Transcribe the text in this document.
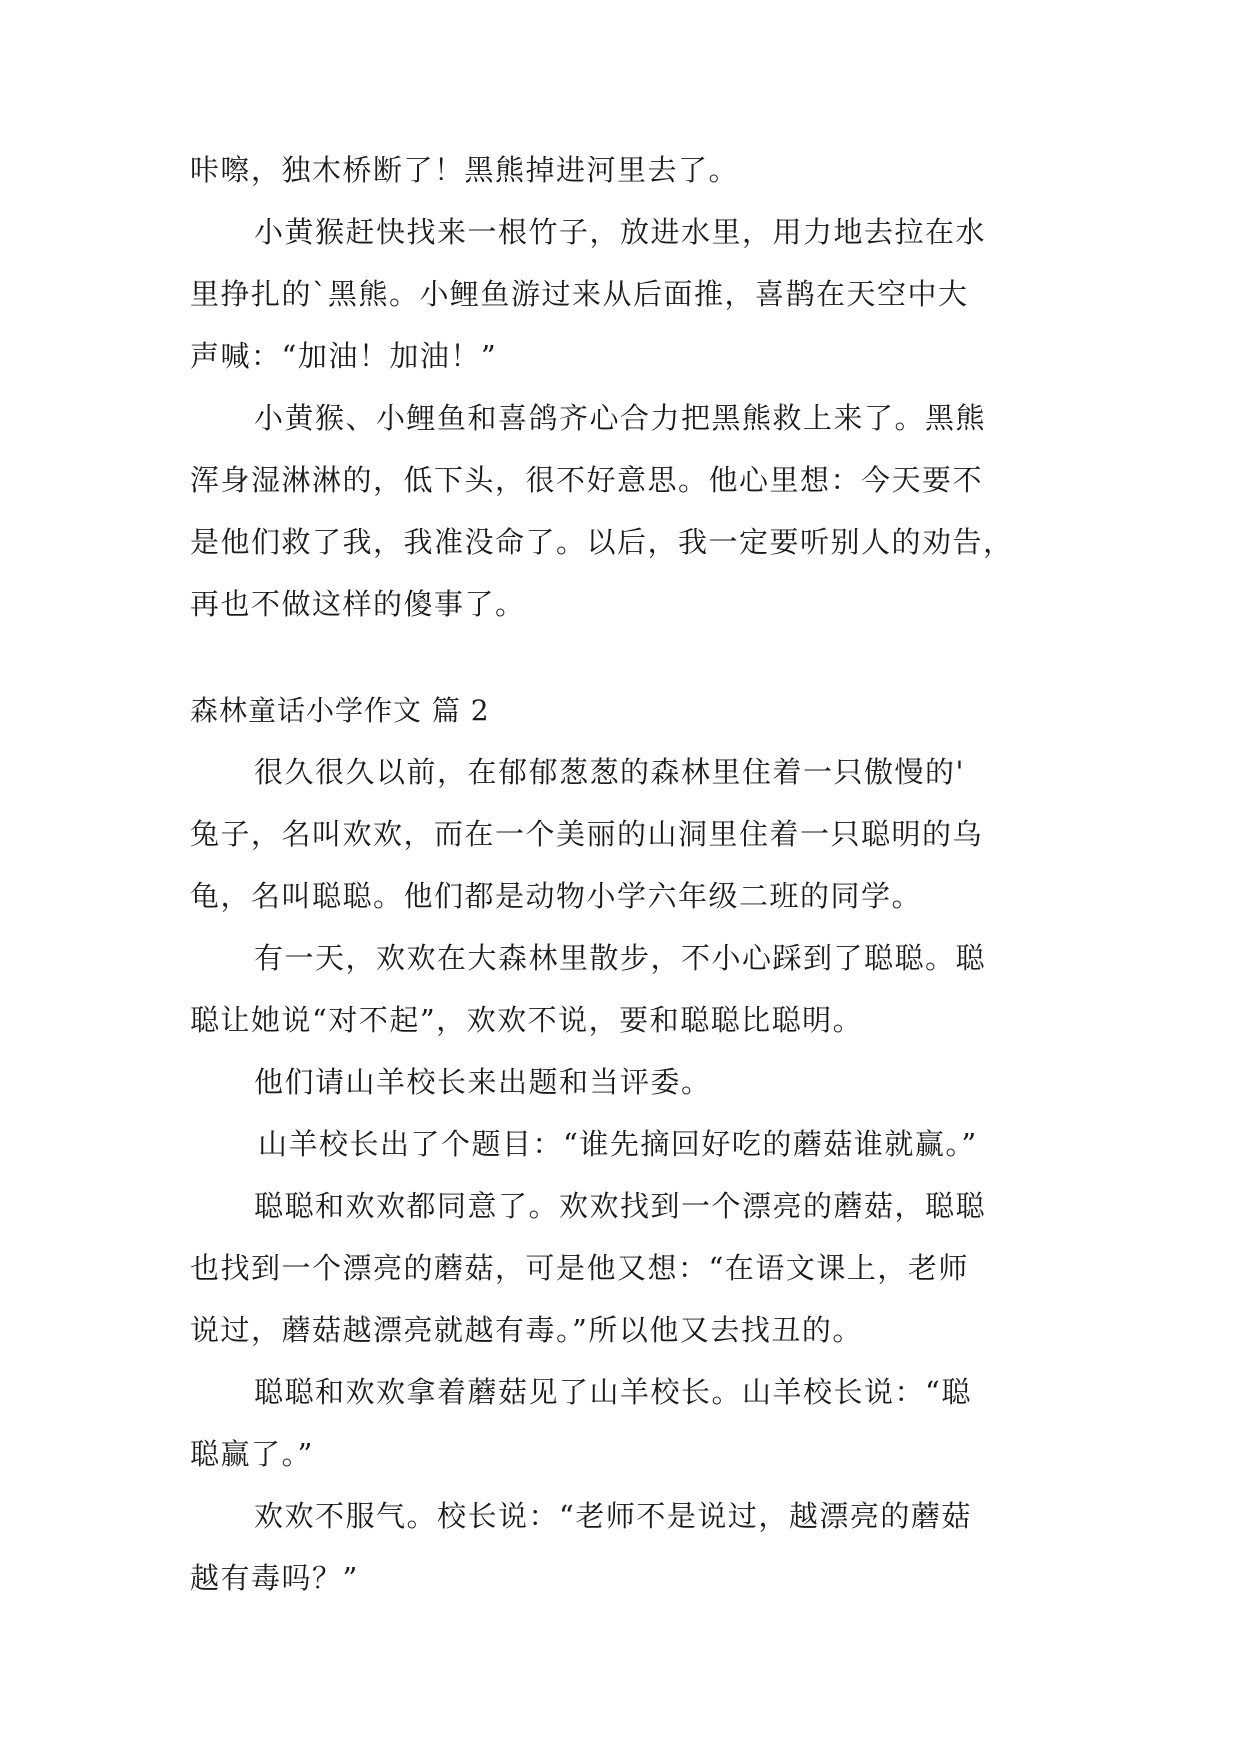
咔嚓，独木桥断了！黑熊掉进河里去了。
小黄猴赶快找来一根竹子，放进水里，用力地去拉在水
里挣扎的`黑熊。小鲤鱼游过来从后面推，喜鹊在天空中大
声喊：“加油！加油！”
小黄猴、小鲤鱼和喜鸽齐心合力把黑熊救上来了。黑熊
浑身湿淋淋的，低下头，很不好意思。他心里想：今天要不
是他们救了我，我准没命了。以后，我一定要听别人的劝告，
再也不做这样的傻事了。
森林童话小学作文 篇 2
很久很久以前，在郁郁葱葱的森林里住着一只傲慢的'
兔子，名叫欢欢，而在一个美丽的山洞里住着一只聪明的乌
龟，名叫聪聪。他们都是动物小学六年级二班的同学。
有一天，欢欢在大森林里散步，不小心踩到了聪聪。聪
聪让她说“对不起”，欢欢不说，要和聪聪比聪明。
他们请山羊校长来出题和当评委。
山羊校长出了个题目：“谁先摘回好吃的蘑菇谁就赢。”
聪聪和欢欢都同意了。欢欢找到一个漂亮的蘑菇，聪聪
也找到一个漂亮的蘑菇，可是他又想：“在语文课上，老师
说过，蘑菇越漂亮就越有毒。”所以他又去找丑的。
聪聪和欢欢拿着蘑菇见了山羊校长。山羊校长说：“聪
聪赢了。”
欢欢不服气。校长说：“老师不是说过，越漂亮的蘑菇
越有毒吗？”
